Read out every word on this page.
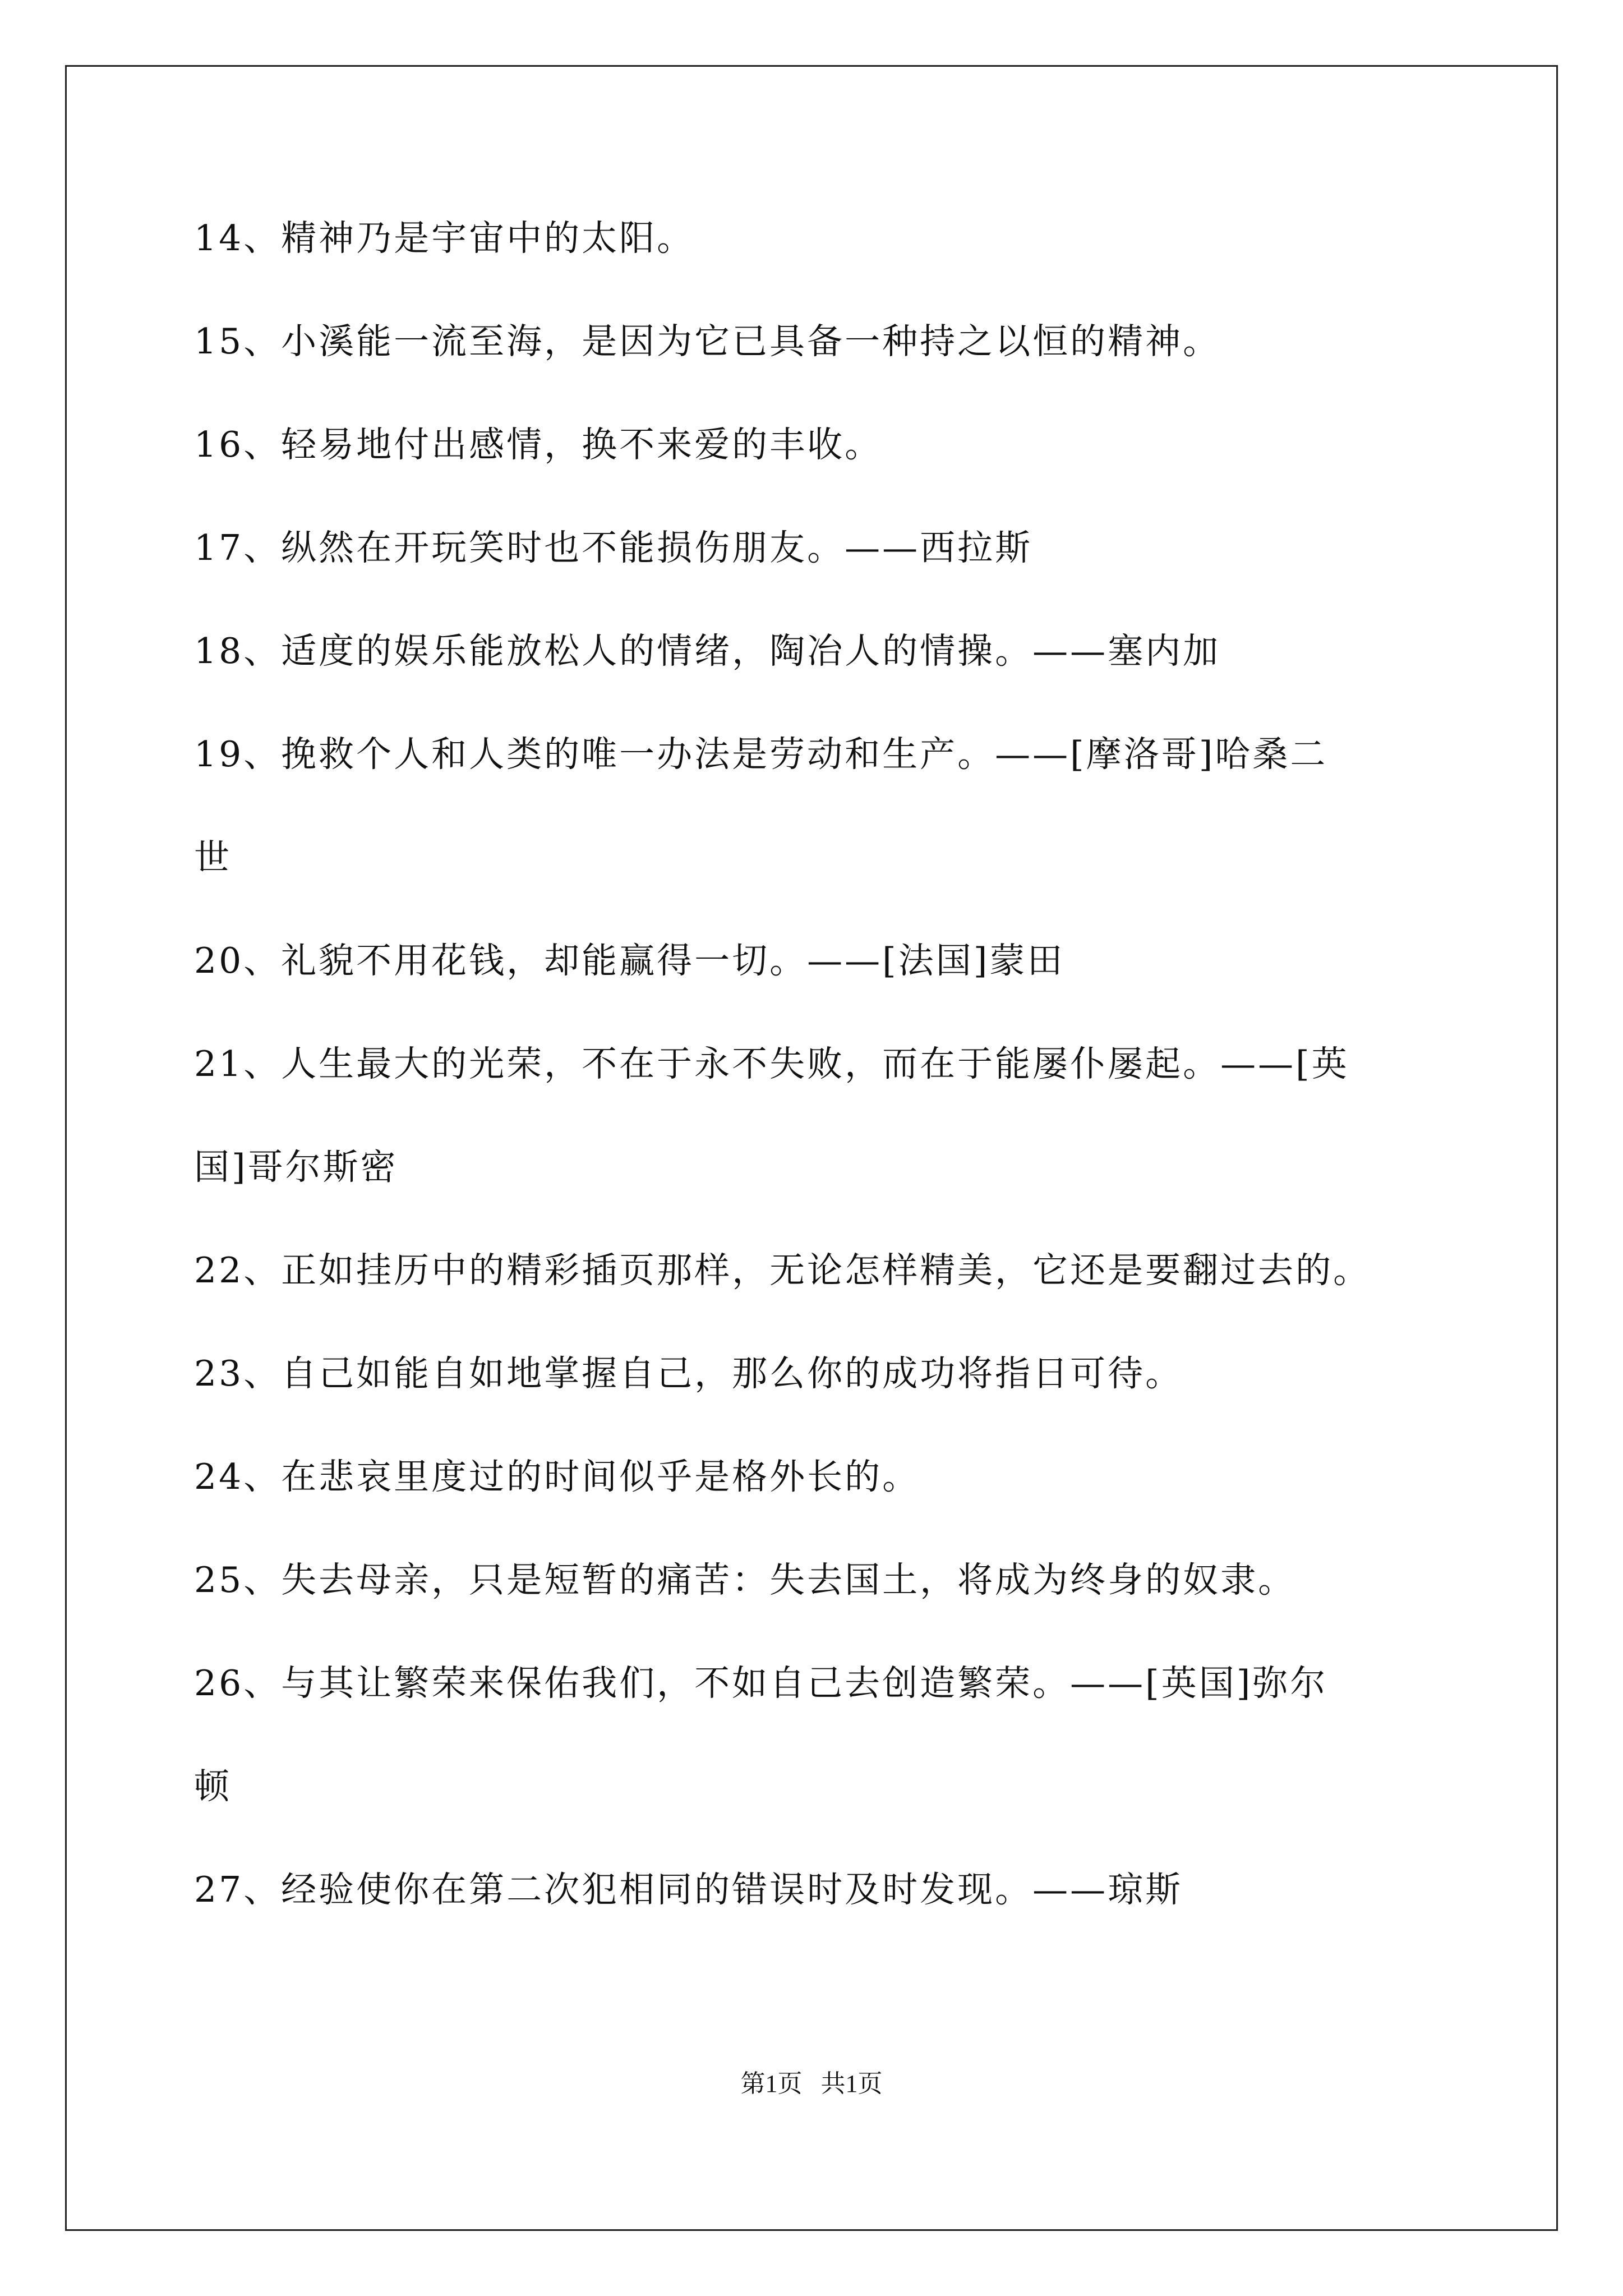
14、精神乃是宇宙中的太阳。
15、小溪能一流至海，是因为它已具备一种持之以恒的精神。
16、轻易地付出感情，换不来爱的丰收。
17、纵然在开玩笑时也不能损伤朋友。——西拉斯
18、适度的娱乐能放松人的情绪，陶冶人的情操。——塞内加
19、挽救个人和人类的唯一办法是劳动和生产。——[摩洛哥]哈桑二
世
20、礼貌不用花钱，却能赢得一切。——[法国]蒙田
21、人生最大的光荣，不在于永不失败，而在于能屡仆屡起。——[英
国]哥尔斯密
22、正如挂历中的精彩插页那样，无论怎样精美，它还是要翻过去的。
23、自己如能自如地掌握自己，那么你的成功将指日可待。
24、在悲哀里度过的时间似乎是格外长的。
25、失去母亲，只是短暂的痛苦：失去国土，将成为终身的奴隶。
26、与其让繁荣来保佑我们，不如自己去创造繁荣。——[英国]弥尔
顿
27、经验使你在第二次犯相同的错误时及时发现。——琼斯
第1页   共1页
